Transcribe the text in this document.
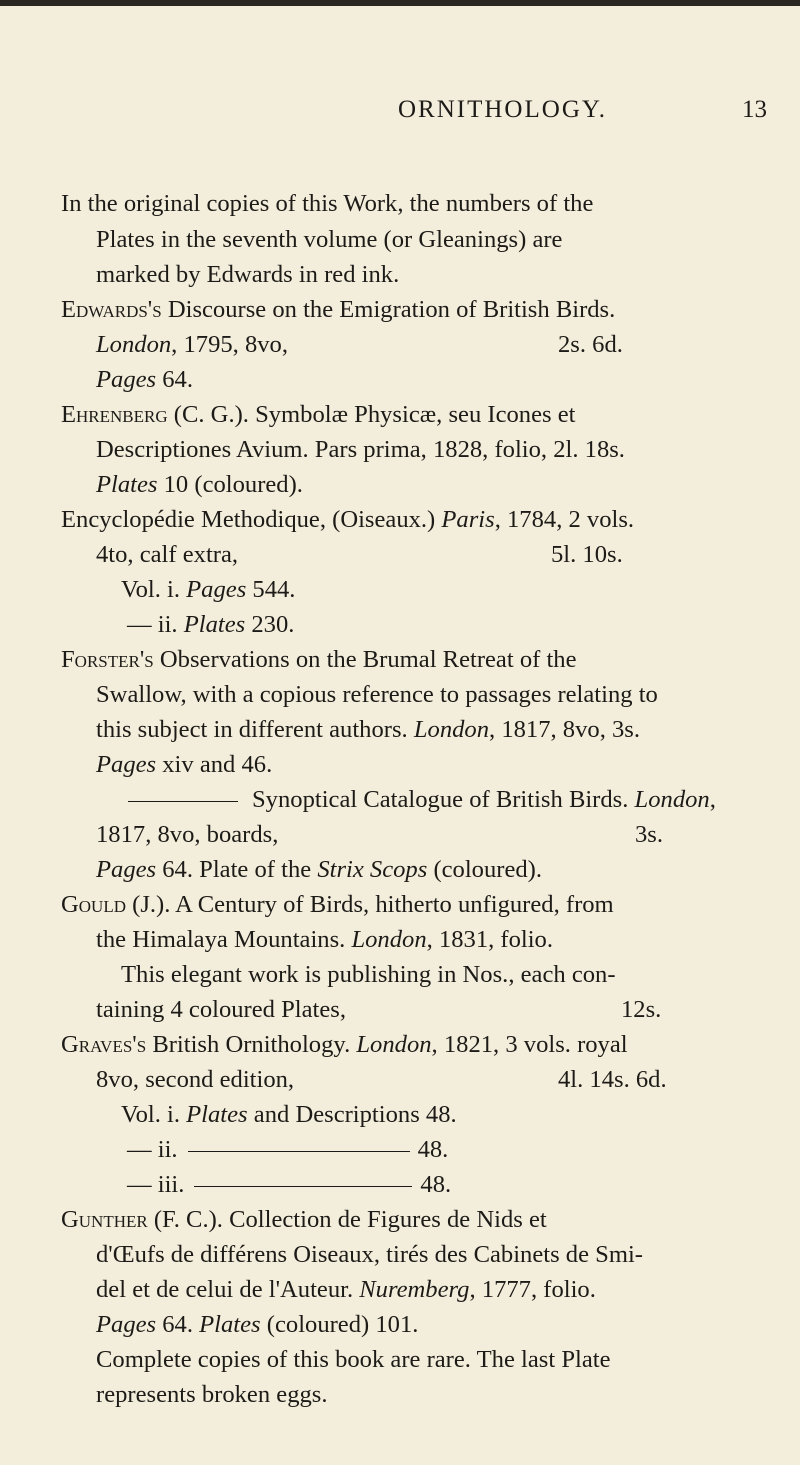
ORNITHOLOGY.	13
In the original copies of this Work, the numbers of the
Plates in the seventh volume (or Gleanings) are
marked by Edwards in red ink.
Edwards's Discourse on the Emigration of British Birds.
London, 1795, 8vo,	2s. 6d.
Pages 64.
Ehrenberg (C. G.). Symbolæ Physicæ, seu Icones et
Descriptiones Avium. Pars prima, 1828, folio, 2l. 18s.
Plates 10 (coloured).
Encyclopédie Methodique, (Oiseaux.) Paris, 1784, 2 vols.
4to, calf extra,	5l. 10s.
Vol. i. Pages 544.
— ii. Plates 230.
Forster's Observations on the Brumal Retreat of the
Swallow, with a copious reference to passages relating to
this subject in different authors. London, 1817, 8vo, 3s.
Pages xiv and 46.
Synoptical Catalogue of British Birds. London,
1817, 8vo, boards,	3s.
Pages 64. Plate of the Strix Scops (coloured).
Gould (J.). A Century of Birds, hitherto unfigured, from
the Himalaya Mountains. London, 1831, folio.
This elegant work is publishing in Nos., each con-
taining 4 coloured Plates,	12s.
Graves's British Ornithology. London, 1821, 3 vols. royal
8vo, second edition,	4l. 14s. 6d.
Vol. i. Plates and Descriptions 48.
— ii.	48.
— iii.	48.
Gunther (F. C.). Collection de Figures de Nids et
d'Œufs de différens Oiseaux, tirés des Cabinets de Smi-
del et de celui de l'Auteur. Nuremberg, 1777, folio.
Pages 64. Plates (coloured) 101.
Complete copies of this book are rare. The last Plate
represents broken eggs.
